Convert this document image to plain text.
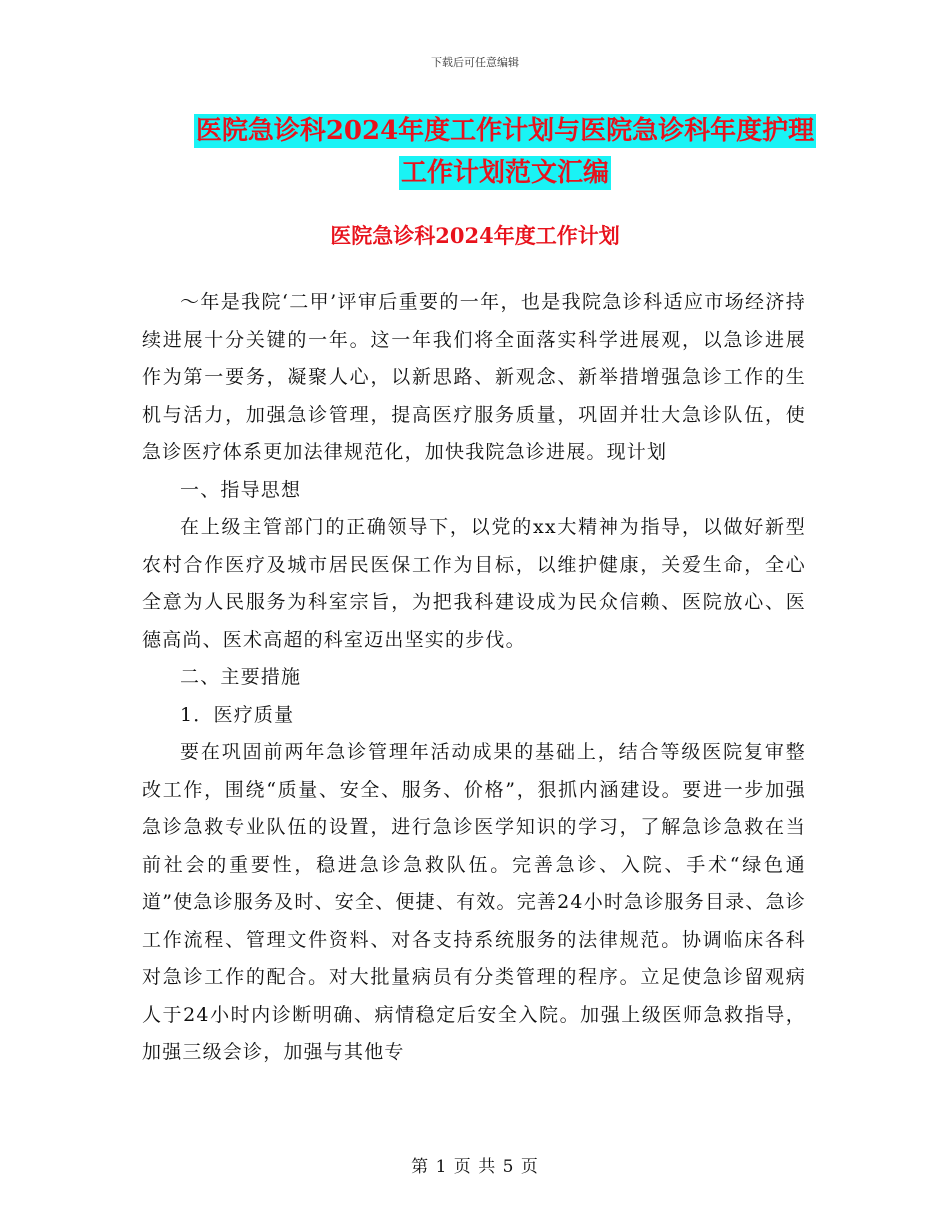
下载后可任意编辑
医院急诊科2024年度工作计划与医院急诊科年度护理工作计划范文汇编
医院急诊科2024年度工作计划

～年是我院‘二甲’评审后重要的一年，也是我院急诊科适应市场经济持续进展十分关键的一年。这一年我们将全面落实科学进展观，以急诊进展作为第一要务，凝聚人心，以新思路、新观念、新举措增强急诊工作的生机与活力，加强急诊管理，提高医疗服务质量，巩固并壮大急诊队伍，使急诊医疗体系更加法律规范化，加快我院急诊进展。现计划

一、指导思想

在上级主管部门的正确领导下，以党的xx大精神为指导，以做好新型农村合作医疗及城市居民医保工作为目标，以维护健康，关爱生命，全心全意为人民服务为科室宗旨，为把我科建设成为民众信赖、医院放心、医德高尚、医术高超的科室迈出坚实的步伐。

二、主要措施

1．医疗质量

要在巩固前两年急诊管理年活动成果的基础上，结合等级医院复审整改工作，围绕“质量、安全、服务、价格”，狠抓内涵建设。要进一步加强急诊急救专业队伍的设置，进行急诊医学知识的学习，了解急诊急救在当前社会的重要性，稳进急诊急救队伍。完善急诊、入院、手术“绿色通道”使急诊服务及时、安全、便捷、有效。完善24小时急诊服务目录、急诊工作流程、管理文件资料、对各支持系统服务的法律规范。协调临床各科对急诊工作的配合。对大批量病员有分类管理的程序。立足使急诊留观病人于24小时内诊断明确、病情稳定后安全入院。加强上级医师急救指导，加强三级会诊，加强与其他专

第 1 页 共 5 页
